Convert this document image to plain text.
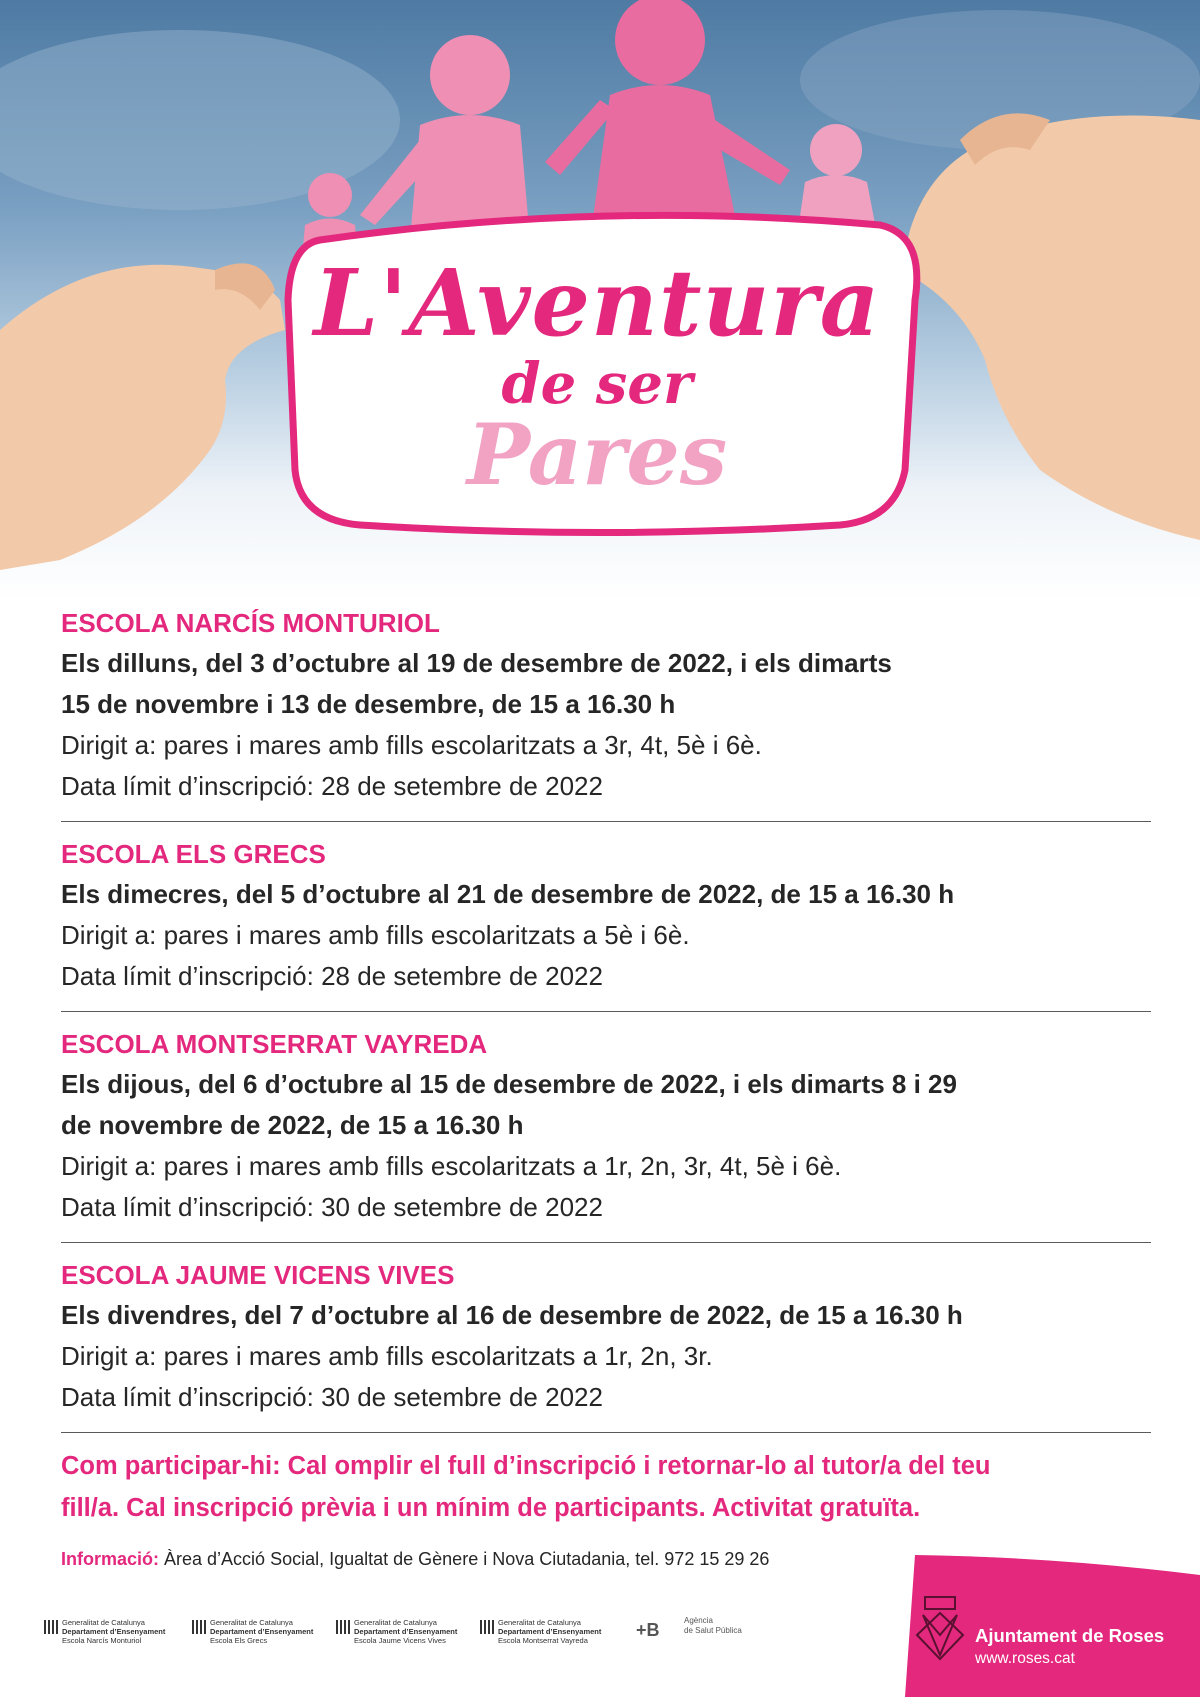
L'Aventura
de ser
Pares
ESCOLA NARCÍS MONTURIOL
Els dilluns, del 3 d’octubre al 19 de desembre de 2022, i els dimarts
15 de novembre i 13 de desembre, de 15 a 16.30 h
Dirigit a: pares i mares amb fills escolaritzats a 3r, 4t, 5è i 6è.
Data límit d’inscripció: 28 de setembre de 2022
ESCOLA ELS GRECS
Els dimecres, del 5 d’octubre al 21 de desembre de 2022, de 15 a 16.30 h
Dirigit a: pares i mares amb fills escolaritzats a 5è i 6è.
Data límit d’inscripció: 28 de setembre de 2022
ESCOLA MONTSERRAT VAYREDA
Els dijous, del 6 d’octubre al 15 de desembre de 2022, i els dimarts 8 i 29
de novembre de 2022, de 15 a 16.30 h
Dirigit a: pares i mares amb fills escolaritzats a 1r, 2n, 3r, 4t, 5è i 6è.
Data límit d’inscripció: 30 de setembre de 2022
ESCOLA JAUME VICENS VIVES
Els divendres, del 7 d’octubre al 16 de desembre de 2022, de 15 a 16.30 h
Dirigit a: pares i mares amb fills escolaritzats a 1r, 2n, 3r.
Data límit d’inscripció: 30 de setembre de 2022
Com participar-hi: Cal omplir el full d’inscripció i retornar-lo al tutor/a del teu
fill/a. Cal inscripció prèvia i un mínim de participants. Activitat gratuïta.
Informació: Àrea d’Acció Social, Igualtat de Gènere i Nova Ciutadania, tel. 972 15 29 26
Generalitat de Catalunya
Departament d’Ensenyament
Escola Narcís Monturiol
Generalitat de Catalunya
Departament d’Ensenyament
Escola Els Grecs
Generalitat de Catalunya
Departament d’Ensenyament
Escola Jaume Vicens Vives
Generalitat de Catalunya
Departament d’Ensenyament
Escola Montserrat Vayreda
+B	Agència
de Salut Pública	Ajuntament de Roses
www.roses.cat
